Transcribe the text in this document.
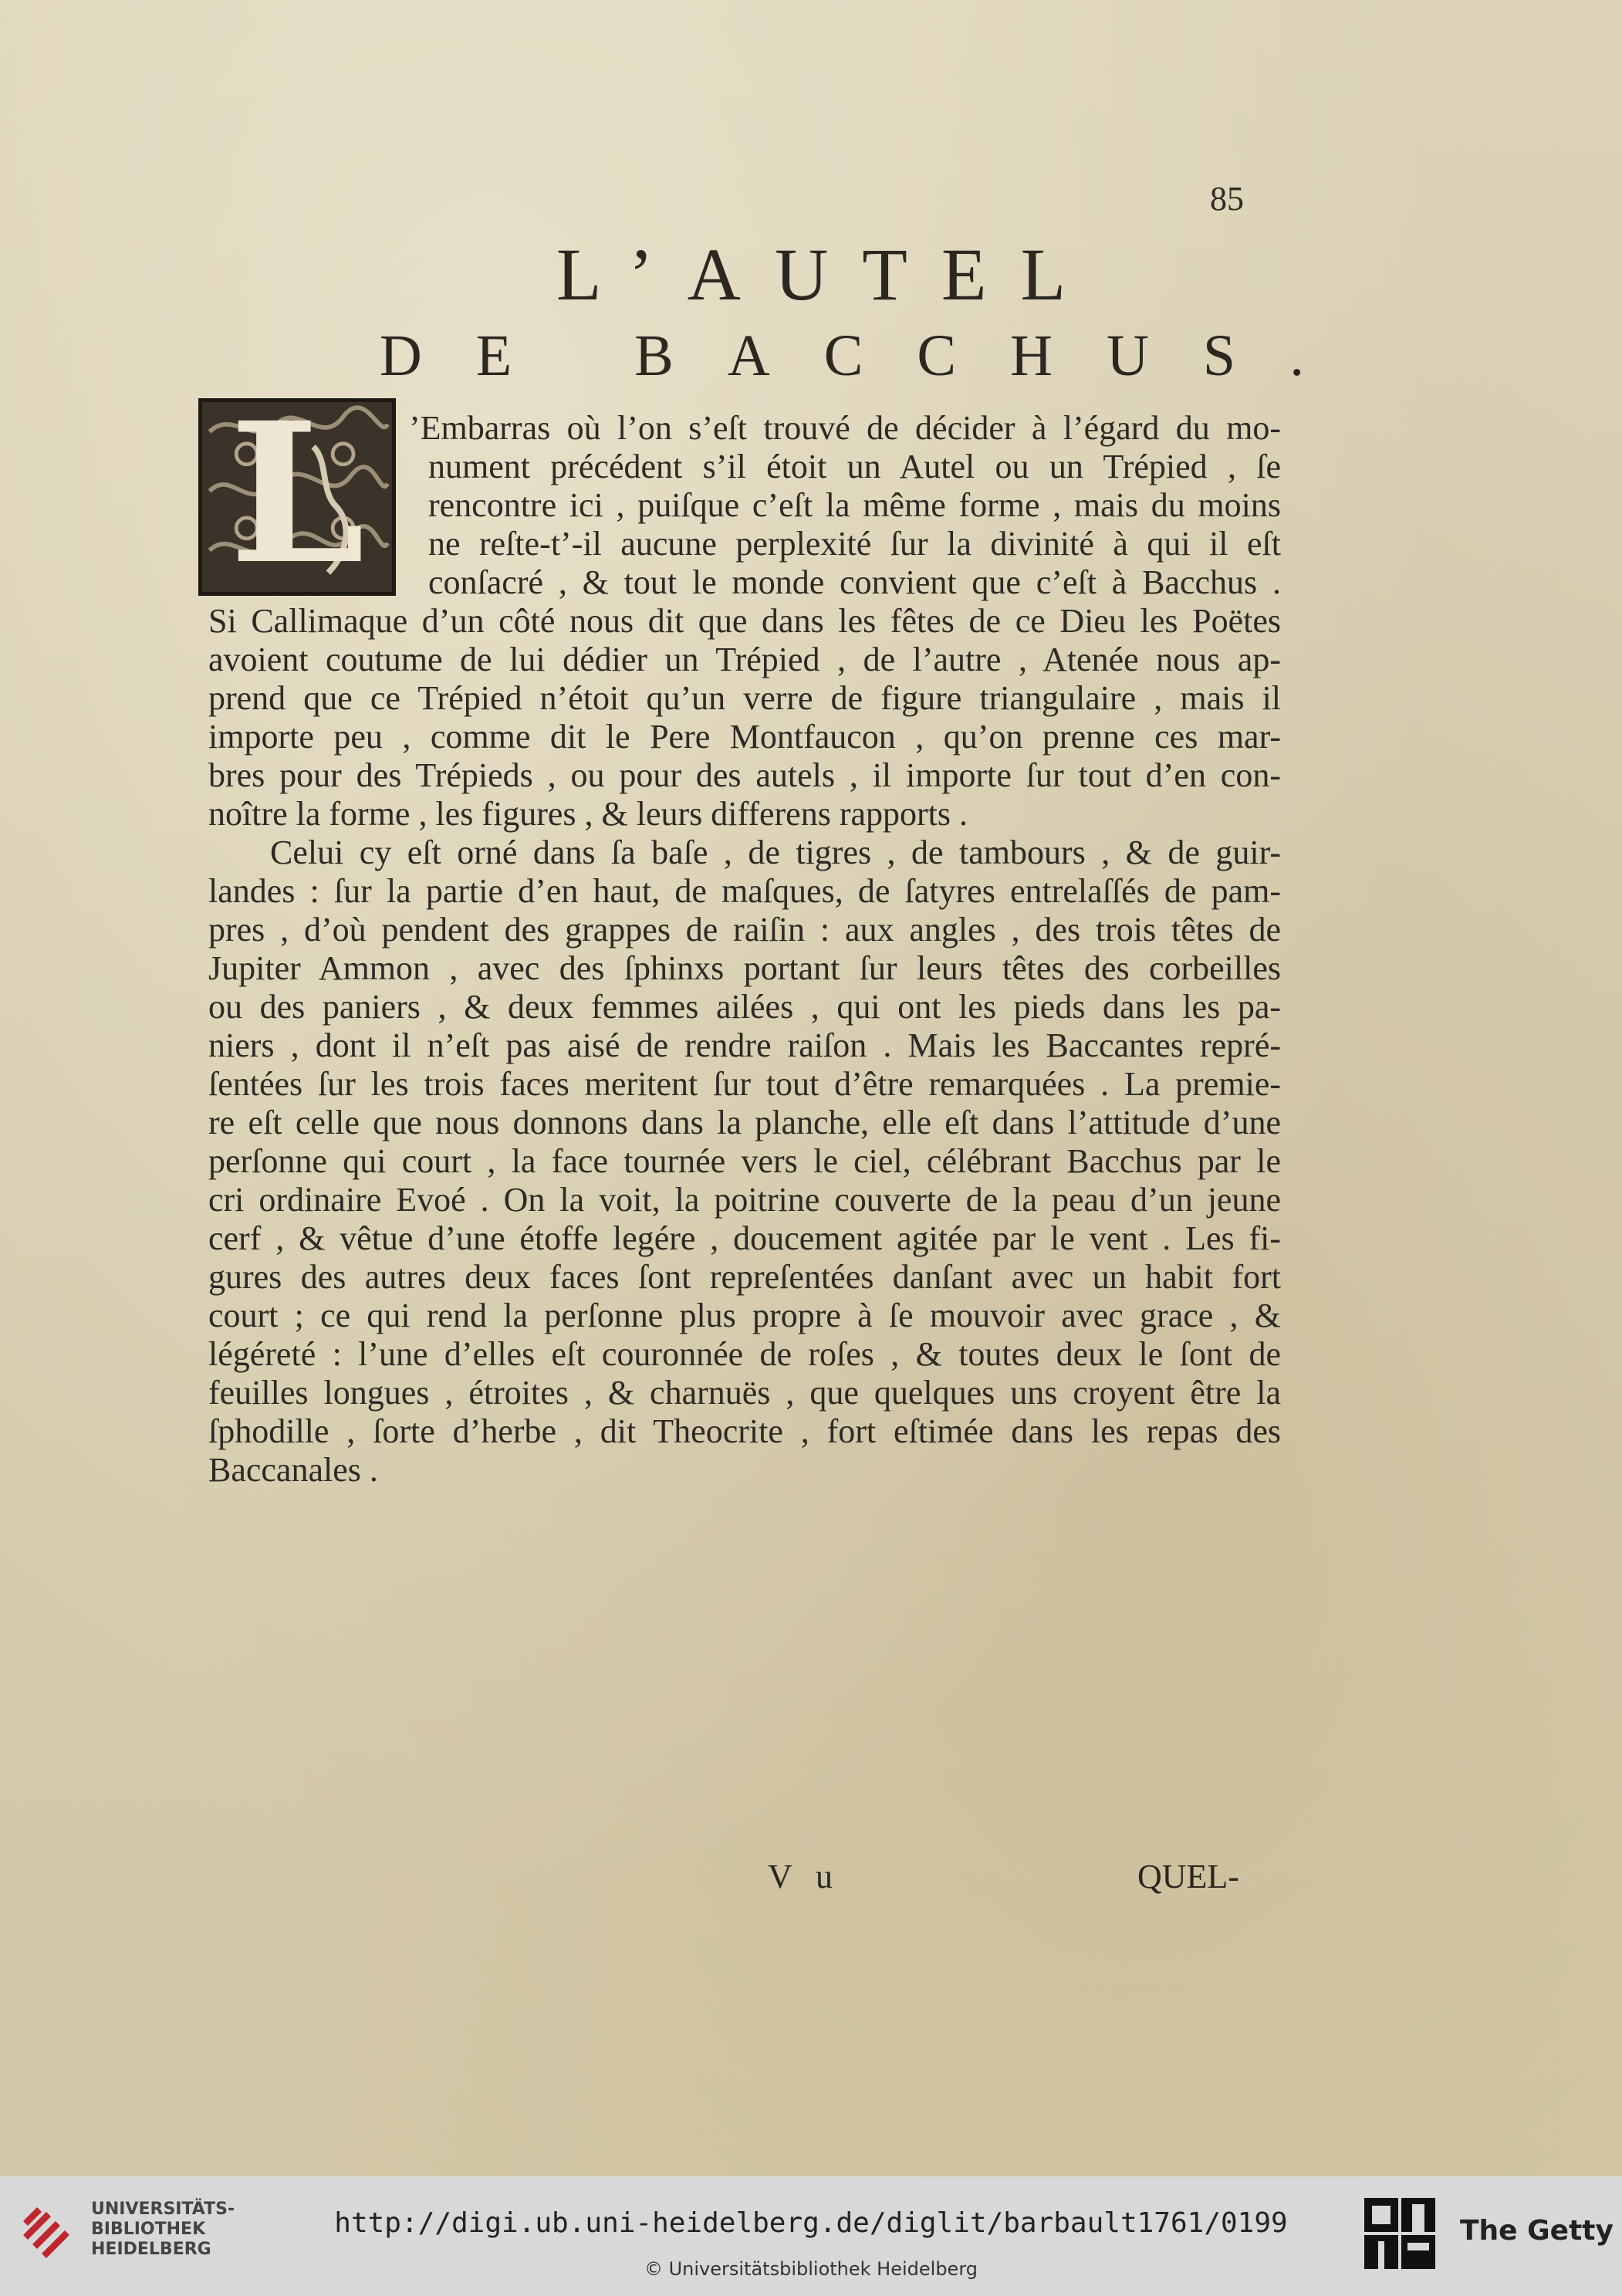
85
L’AUTEL
DE BACCHUS.
L	’Embarras où l’on s’eſt trouvé de décider à l’égard du mo-
nument précédent s’il étoit un Autel ou un Trépied , ſe
rencontre ici , puiſque c’eſt la même forme , mais du moins
ne reſte-t’-il aucune perplexité ſur la divinité à qui il eſt
conſacré , & tout le monde convient que c’eſt à Bacchus .
Si Callimaque d’un côté nous dit que dans les fêtes de ce Dieu les Poëtes
avoient coutume de lui dédier un Trépied , de l’autre , Atenée nous ap-
prend que ce Trépied n’étoit qu’un verre de figure triangulaire , mais il
importe peu , comme dit le Pere Montfaucon , qu’on prenne ces mar-
bres pour des Trépieds , ou pour des autels , il importe ſur tout d’en con-
noître la forme , les figures , & leurs differens rapports .
Celui cy eſt orné dans ſa baſe , de tigres , de tambours , & de guir-
landes : ſur la partie d’en haut, de maſques, de ſatyres entrelaſſés de pam-
pres , d’où pendent des grappes de raiſin : aux angles , des trois têtes de
Jupiter Ammon , avec des ſphinxs portant ſur leurs têtes des corbeilles
ou des paniers , & deux femmes ailées , qui ont les pieds dans les pa-
niers , dont il n’eſt pas aisé de rendre raiſon . Mais les Baccantes repré-
ſentées ſur les trois faces meritent ſur tout d’être remarquées . La premie-
re eſt celle que nous donnons dans la planche, elle eſt dans l’attitude d’une
perſonne qui court , la face tournée vers le ciel, célébrant Bacchus par le
cri ordinaire Evoé . On la voit, la poitrine couverte de la peau d’un jeune
cerf , & vêtue d’une étoffe legére , doucement agitée par le vent . Les fi-
gures des autres deux faces ſont repreſentées danſant avec un habit fort
court ; ce qui rend la perſonne plus propre à ſe mouvoir avec grace , &
légéreté : l’une d’elles eſt couronnée de roſes , & toutes deux le ſont de
feuilles longues , étroites , & charnuës , que quelques uns croyent être la
ſphodille , ſorte d’herbe , dit Theocrite , fort eſtimée dans les repas des
Baccanales .
V u	QUEL-
UNIVERSITÄTS-
BIBLIOTHEK
HEIDELBERG
http://digi.ub.uni-heidelberg.de/diglit/barbault1761/0199
© Universitätsbibliothek Heidelberg
The Getty
